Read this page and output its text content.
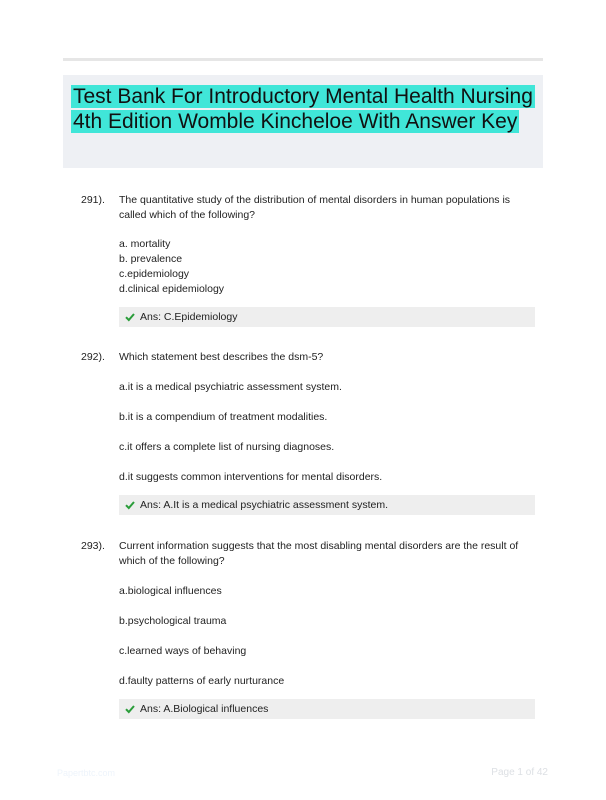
Test Bank For Introductory Mental Health Nursing 4th Edition Womble Kincheloe With Answer Key
291). The quantitative study of the distribution of mental disorders in human populations is called which of the following?
a. mortality
b. prevalence
c.epidemiology
d.clinical epidemiology
Ans: C.Epidemiology
292). Which statement best describes the dsm-5?
a.it is a medical psychiatric assessment system.
b.it is a compendium of treatment modalities.
c.it offers a complete list of nursing diagnoses.
d.it suggests common interventions for mental disorders.
Ans: A.It is a medical psychiatric assessment system.
293). Current information suggests that the most disabling mental disorders are the result of which of the following?
a.biological influences
b.psychological trauma
c.learned ways of behaving
d.faulty patterns of early nurturance
Ans: A.Biological influences
Papertbtc.com	Page 1 of 42
